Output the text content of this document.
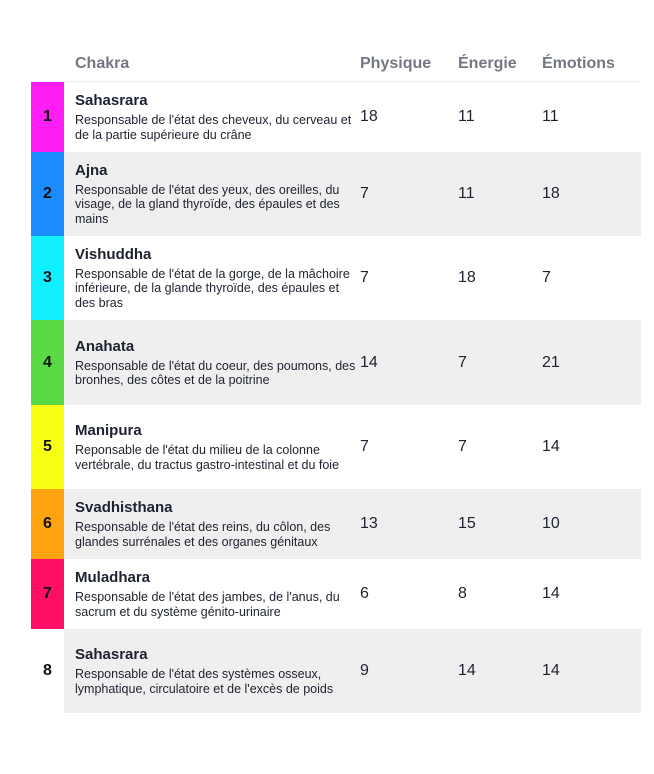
Chakra	Physique	Énergie	Émotions
1
Sahasrara
Responsable de l'état des cheveux, du cerveau et de la partie supérieure du crâne
18	11	11
2
Ajna
Responsable de l'état des yeux, des oreilles, du visage, de la gland thyroïde, des épaules et des mains
7	11	18
3
Vishuddha
Responsable de l'état de la gorge, de la mâchoire inférieure, de la glande thyroïde, des épaules et des bras
7	18	7
4
Anahata
Responsable de l'état du coeur, des poumons, des bronhes, des côtes et de la poitrine
14	7	21
5
Manipura
Reponsable de l'état du milieu de la colonne vertébrale, du tractus gastro-intestinal et du foie
7	7	14
6
Svadhisthana
Responsable de l'état des reins, du côlon, des glandes surrénales et des organes génitaux
13	15	10
7
Muladhara
Responsable de l'état des jambes, de l'anus, du sacrum et du système génito-urinaire
6	8	14
8
Sahasrara
Responsable de l'état des systèmes osseux, lymphatique, circulatoire et de l'excès de poids
9	14	14
